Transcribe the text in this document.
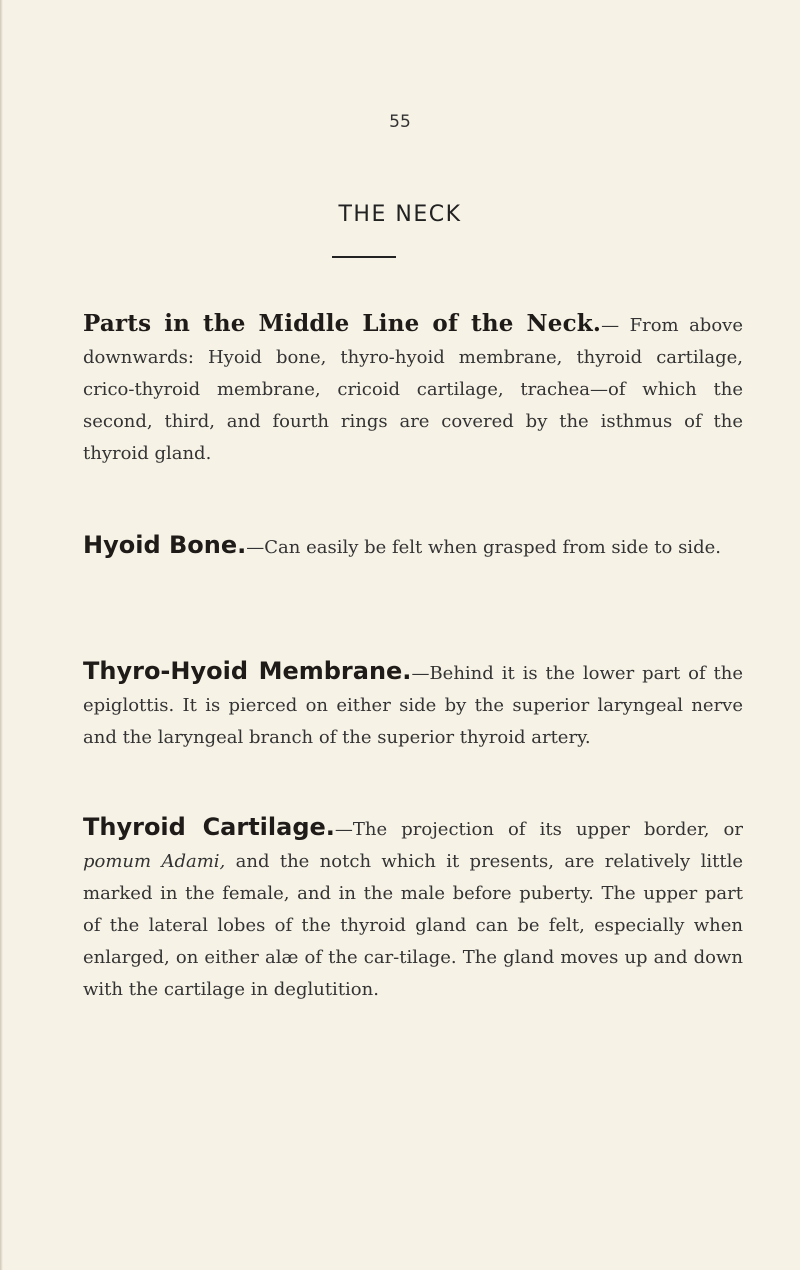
55
THE NECK
Parts in the Middle Line of the Neck.— From above downwards: Hyoid bone, thyro-hyoid membrane, thyroid cartilage, crico-thyroid membrane, cricoid cartilage, trachea—of which the second, third, and fourth rings are covered by the isthmus of the thyroid gland.
Hyoid Bone.—Can easily be felt when grasped from side to side.
Thyro-Hyoid Membrane.—Behind it is the lower part of the epiglottis. It is pierced on either side by the superior laryngeal nerve and the laryngeal branch of the superior thyroid artery.
Thyroid Cartilage.—The projection of its upper border, or pomum Adami, and the notch which it presents, are relatively little marked in the female, and in the male before puberty. The upper part of the lateral lobes of the thyroid gland can be felt, especially when enlarged, on either alæ of the car-tilage. The gland moves up and down with the cartilage in deglutition.
